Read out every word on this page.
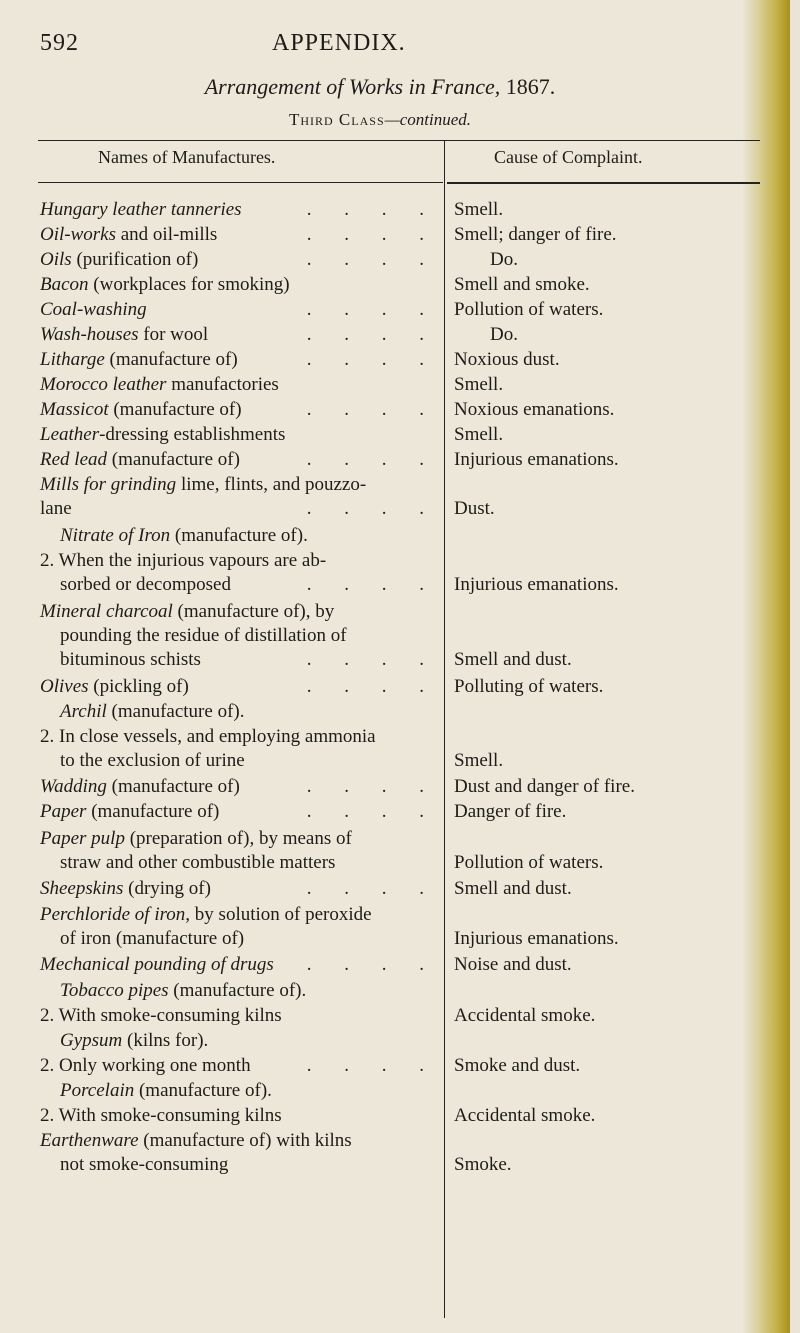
592	APPENDIX.
Arrangement of Works in France, 1867.
Third Class—continued.
Names of Manufactures.	Cause of Complaint.
Hungary leather tanneries
Oil-works and oil-mills
Oils (purification of)
Bacon (workplaces for smoking)
Coal-washing
Wash-houses for wool
Litharge (manufacture of)
Morocco leather manufactories
Massicot (manufacture of)
Leather-dressing establishments
Red lead (manufacture of)
Mills for grinding lime, flints, and pouzzo-
lane
Nitrate of Iron (manufacture of).
2. When the injurious vapours are ab-
sorbed or decomposed
Mineral charcoal (manufacture of), by
pounding the residue of distillation of
bituminous schists
Olives (pickling of)
Archil (manufacture of).
2. In close vessels, and employing ammonia
to the exclusion of urine
Wadding (manufacture of)
Paper (manufacture of)
Paper pulp (preparation of), by means of
straw and other combustible matters
Sheepskins (drying of)
Perchloride of iron, by solution of peroxide
of iron (manufacture of)
Mechanical pounding of drugs
Tobacco pipes (manufacture of).
2. With smoke-consuming kilns
Gypsum (kilns for).
2. Only working one month
Porcelain (manufacture of).
2. With smoke-consuming kilns
Earthenware (manufacture of) with kilns
not smoke-consuming
. . . .
. . . .
. . . .
. . . .
. . . .
. . . .
. . . .
. . . .
. . . .
. . . .
. . . .
. . . .
. . . .
. . . .
. . . .
. . . .
. . . .
Smell.
Smell; danger of fire.
Do.
Smell and smoke.
Pollution of waters.
Do.
Noxious dust.
Smell.
Noxious emanations.
Smell.
Injurious emanations.
Dust.
Injurious emanations.
Smell and dust.
Polluting of waters.
Smell.
Dust and danger of fire.
Danger of fire.
Pollution of waters.
Smell and dust.
Injurious emanations.
Noise and dust.
Accidental smoke.
Smoke and dust.
Accidental smoke.
Smoke.
